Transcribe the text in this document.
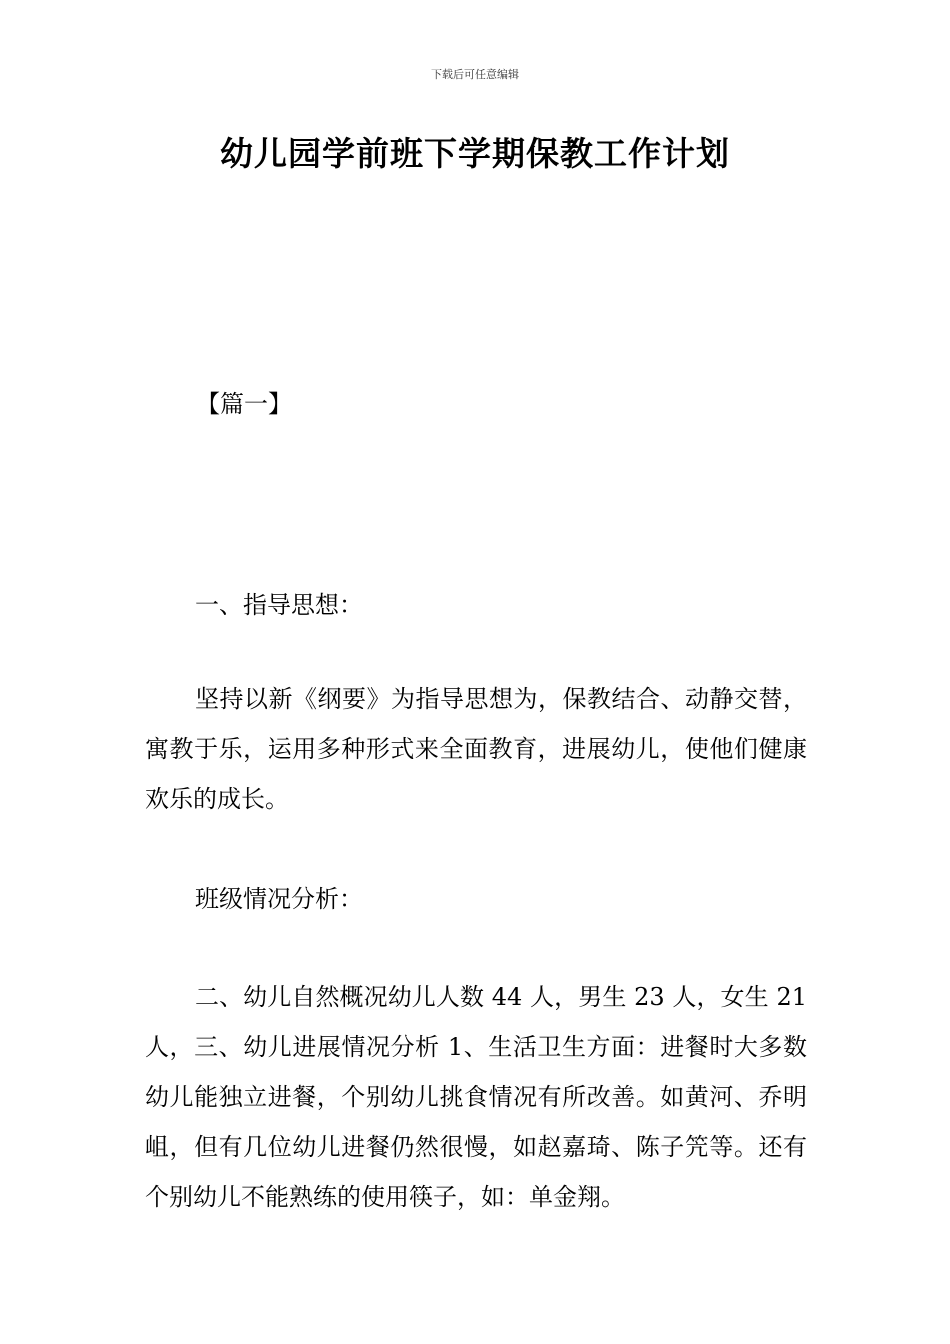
下载后可任意编辑
幼儿园学前班下学期保教工作计划
【篇一】
一、指导思想：
坚持以新《纲要》为指导思想为，保教结合、动静交替，寓教于乐，运用多种形式来全面教育，进展幼儿，使他们健康欢乐的成长。
班级情况分析：
二、幼儿自然概况幼儿人数 44 人，男生 23 人，女生 21 人，三、幼儿进展情况分析 1、生活卫生方面：进餐时大多数幼儿能独立进餐，个别幼儿挑食情况有所改善。如黄河、乔明岨，但有几位幼儿进餐仍然很慢，如赵嘉琦、陈子笐等。还有个别幼儿不能熟练的使用筷子，如：单金翔。
